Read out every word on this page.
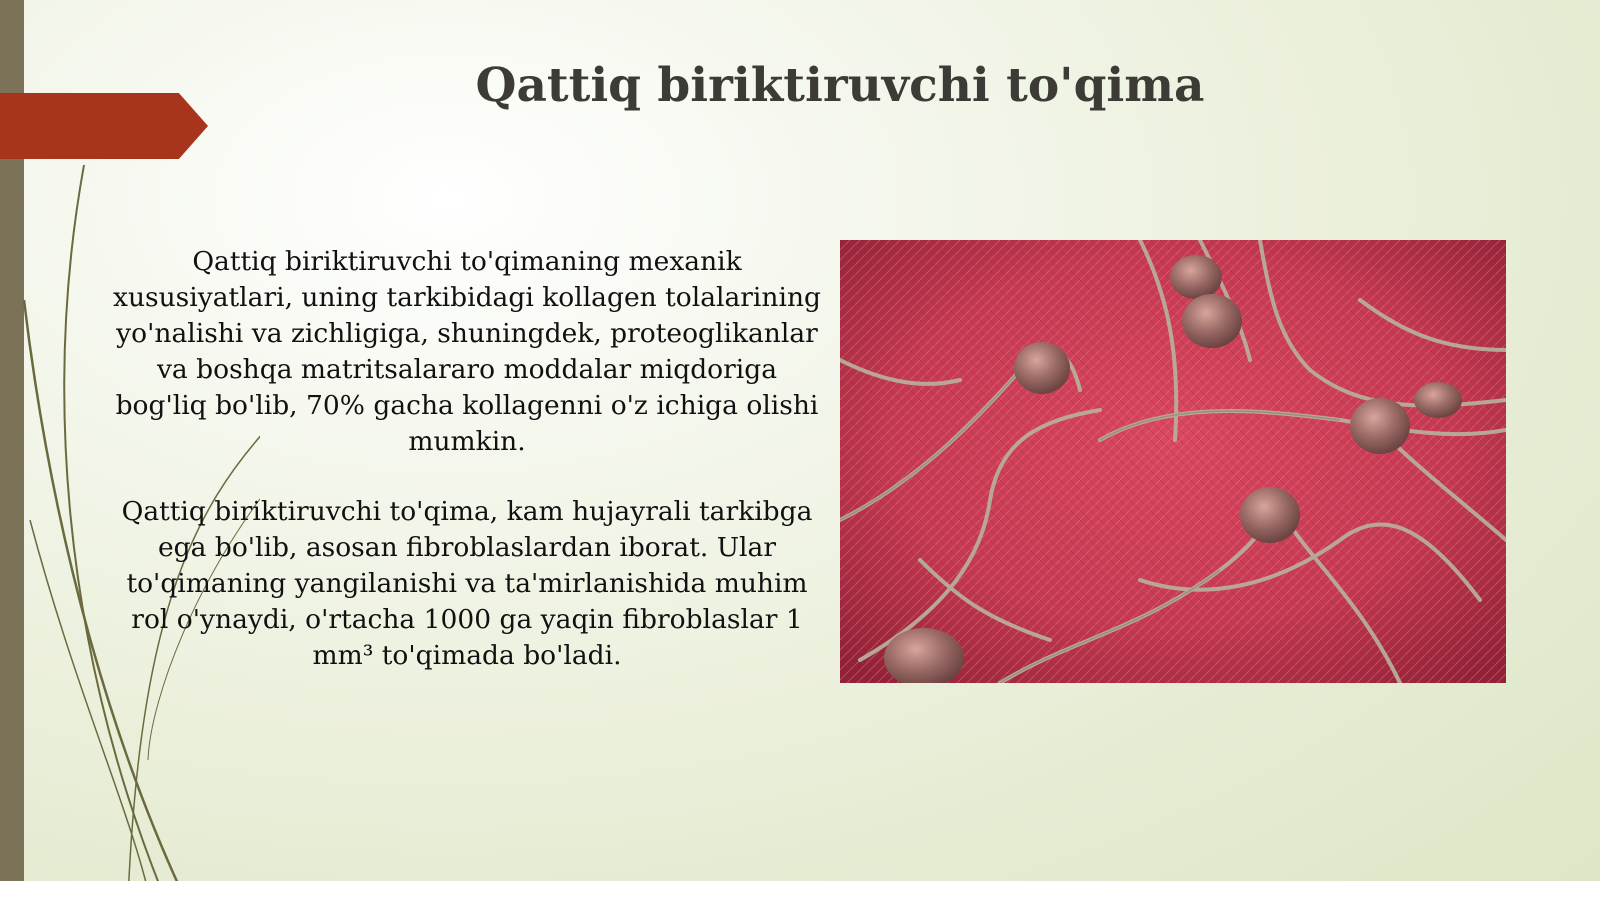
Qattiq biriktiruvchi to'qima

Qattiq biriktiruvchi to'qimaning mexanik xususiyatlari, uning tarkibidagi kollagen tolalarining yo'nalishi va zichligiga, shuningdek, proteoglikanlar va boshqa matritsalararo moddalar miqdoriga bog'liq bo'lib, 70% gacha kollagenni o'z ichiga olishi mumkin.

Qattiq biriktiruvchi to'qima, kam hujayrali tarkibga ega bo'lib, asosan fibroblaslardan iborat. Ular to'qimaning yangilanishi va ta'mirlanishida muhim rol o'ynaydi, o'rtacha 1000 ga yaqin fibroblaslar 1 mm³ to'qimada bo'ladi.
